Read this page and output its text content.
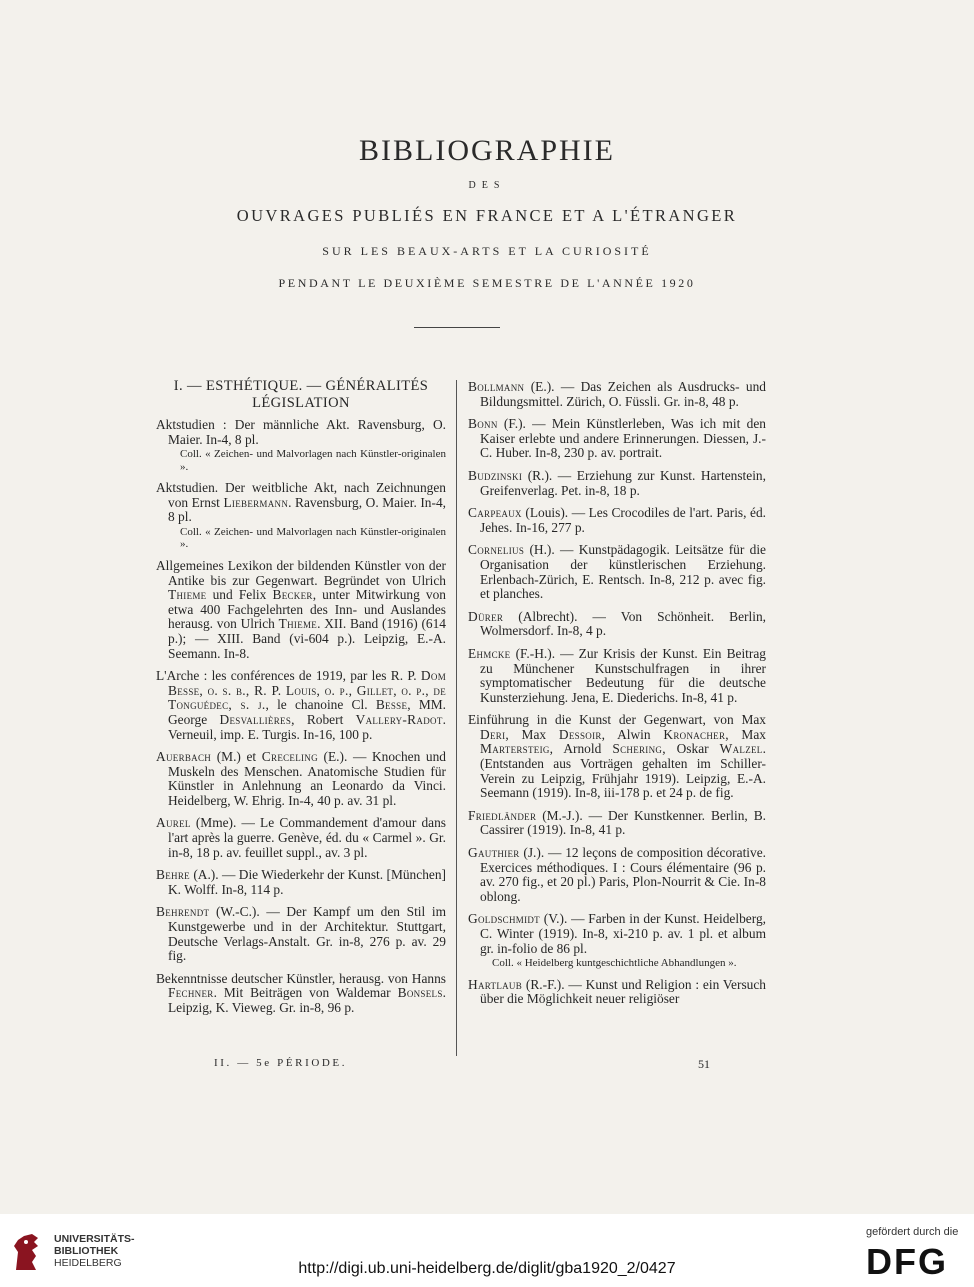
BIBLIOGRAPHIE
DES
OUVRAGES PUBLIÉS EN FRANCE ET A L'ÉTRANGER
SUR LES BEAUX-ARTS ET LA CURIOSITÉ
PENDANT LE DEUXIÈME SEMESTRE DE L'ANNÉE 1920
I. — ESTHÉTIQUE. — GÉNÉRALITÉS
LÉGISLATION
Aktstudien : Der männliche Akt. Ravensburg, O. Maier. In-4, 8 pl.
Coll. « Zeichen- und Malvorlagen nach Künstler-originalen ».
Aktstudien. Der weitbliche Akt, nach Zeichnungen von Ernst Liebermann. Ravensburg, O. Maier. In-4, 8 pl.
Coll. « Zeichen- und Malvorlagen nach Künstler-originalen ».
Allgemeines Lexikon der bildenden Künstler von der Antike bis zur Gegenwart. Begründet von Ulrich Thieme und Felix Becker, unter Mitwirkung von etwa 400 Fachgelehrten des Inn- und Auslandes herausg. von Ulrich Thieme. XII. Band (1916) (614 p.); — XIII. Band (vi-604 p.). Leipzig, E.-A. Seemann. In-8.
L'Arche : les conférences de 1919, par les R. P. Dom Besse, o. s. b., R. P. Louis, o. p., Gillet, o. p., de Tonguédec, s. j., le chanoine Cl. Besse, MM. George Desvallières, Robert Vallery-Radot. Verneuil, imp. E. Turgis. In-16, 100 p.
Auerbach (M.) et Creceling (E.). — Knochen und Muskeln des Menschen. Anatomische Studien für Künstler in Anlehnung an Leonardo da Vinci. Heidelberg, W. Ehrig. In-4, 40 p. av. 31 pl.
Aurel (Mme). — Le Commandement d'amour dans l'art après la guerre. Genève, éd. du « Carmel ». Gr. in-8, 18 p. av. feuillet suppl., av. 3 pl.
Behre (A.). — Die Wiederkehr der Kunst. [München] K. Wolff. In-8, 114 p.
Behrendt (W.-C.). — Der Kampf um den Stil im Kunstgewerbe und in der Architektur. Stuttgart, Deutsche Verlags-Anstalt. Gr. in-8, 276 p. av. 29 fig.
Bekenntnisse deutscher Künstler, herausg. von Hanns Fechner. Mit Beiträgen von Waldemar Bonsels. Leipzig, K. Vieweg. Gr. in-8, 96 p.
Bollmann (E.). — Das Zeichen als Ausdrucks- und Bildungsmittel. Zürich, O. Füssli. Gr. in-8, 48 p.
Bonn (F.). — Mein Künstlerleben, Was ich mit den Kaiser erlebte und andere Erinnerungen. Diessen, J.-C. Huber. In-8, 230 p. av. portrait.
Budzinski (R.). — Erziehung zur Kunst. Hartenstein, Greifenverlag. Pet. in-8, 18 p.
Carpeaux (Louis). — Les Crocodiles de l'art. Paris, éd. Jehes. In-16, 277 p.
Cornelius (H.). — Kunstpädagogik. Leitsätze für die Organisation der künstlerischen Erziehung. Erlenbach-Zürich, E. Rentsch. In-8, 212 p. avec fig. et planches.
Dürer (Albrecht). — Von Schönheit. Berlin, Wolmersdorf. In-8, 4 p.
Ehmcke (F.-H.). — Zur Krisis der Kunst. Ein Beitrag zu Münchener Kunstschulfragen in ihrer symptomatischer Bedeutung für die deutsche Kunsterziehung. Jena, E. Diederichs. In-8, 41 p.
Einführung in die Kunst der Gegenwart, von Max Deri, Max Dessoir, Alwin Kronacher, Max Martersteig, Arnold Schering, Oskar Walzel. (Entstanden aus Vorträgen gehalten im Schiller-Verein zu Leipzig, Frühjahr 1919). Leipzig, E.-A. Seemann (1919). In-8, iii-178 p. et 24 p. de fig.
Friedländer (M.-J.). — Der Kunstkenner. Berlin, B. Cassirer (1919). In-8, 41 p.
Gauthier (J.). — 12 leçons de composition décorative. Exercices méthodiques. I : Cours élémentaire (96 p. av. 270 fig., et 20 pl.) Paris, Plon-Nourrit & Cie. In-8 oblong.
Goldschmidt (V.). — Farben in der Kunst. Heidelberg, C. Winter (1919). In-8, xi-210 p. av. 1 pl. et album gr. in-folio de 86 pl.
Coll. « Heidelberg kuntgeschichtliche Abhandlungen ».
Hartlaub (R.-F.). — Kunst und Religion : ein Versuch über die Möglichkeit neuer religiöser
II. — 5e PÉRIODE.	51
UNIVERSITÄTS-
BIBLIOTHEK
HEIDELBERG	http://digi.ub.uni-heidelberg.de/diglit/gba1920_2/0427
gefördert durch die
DFG
